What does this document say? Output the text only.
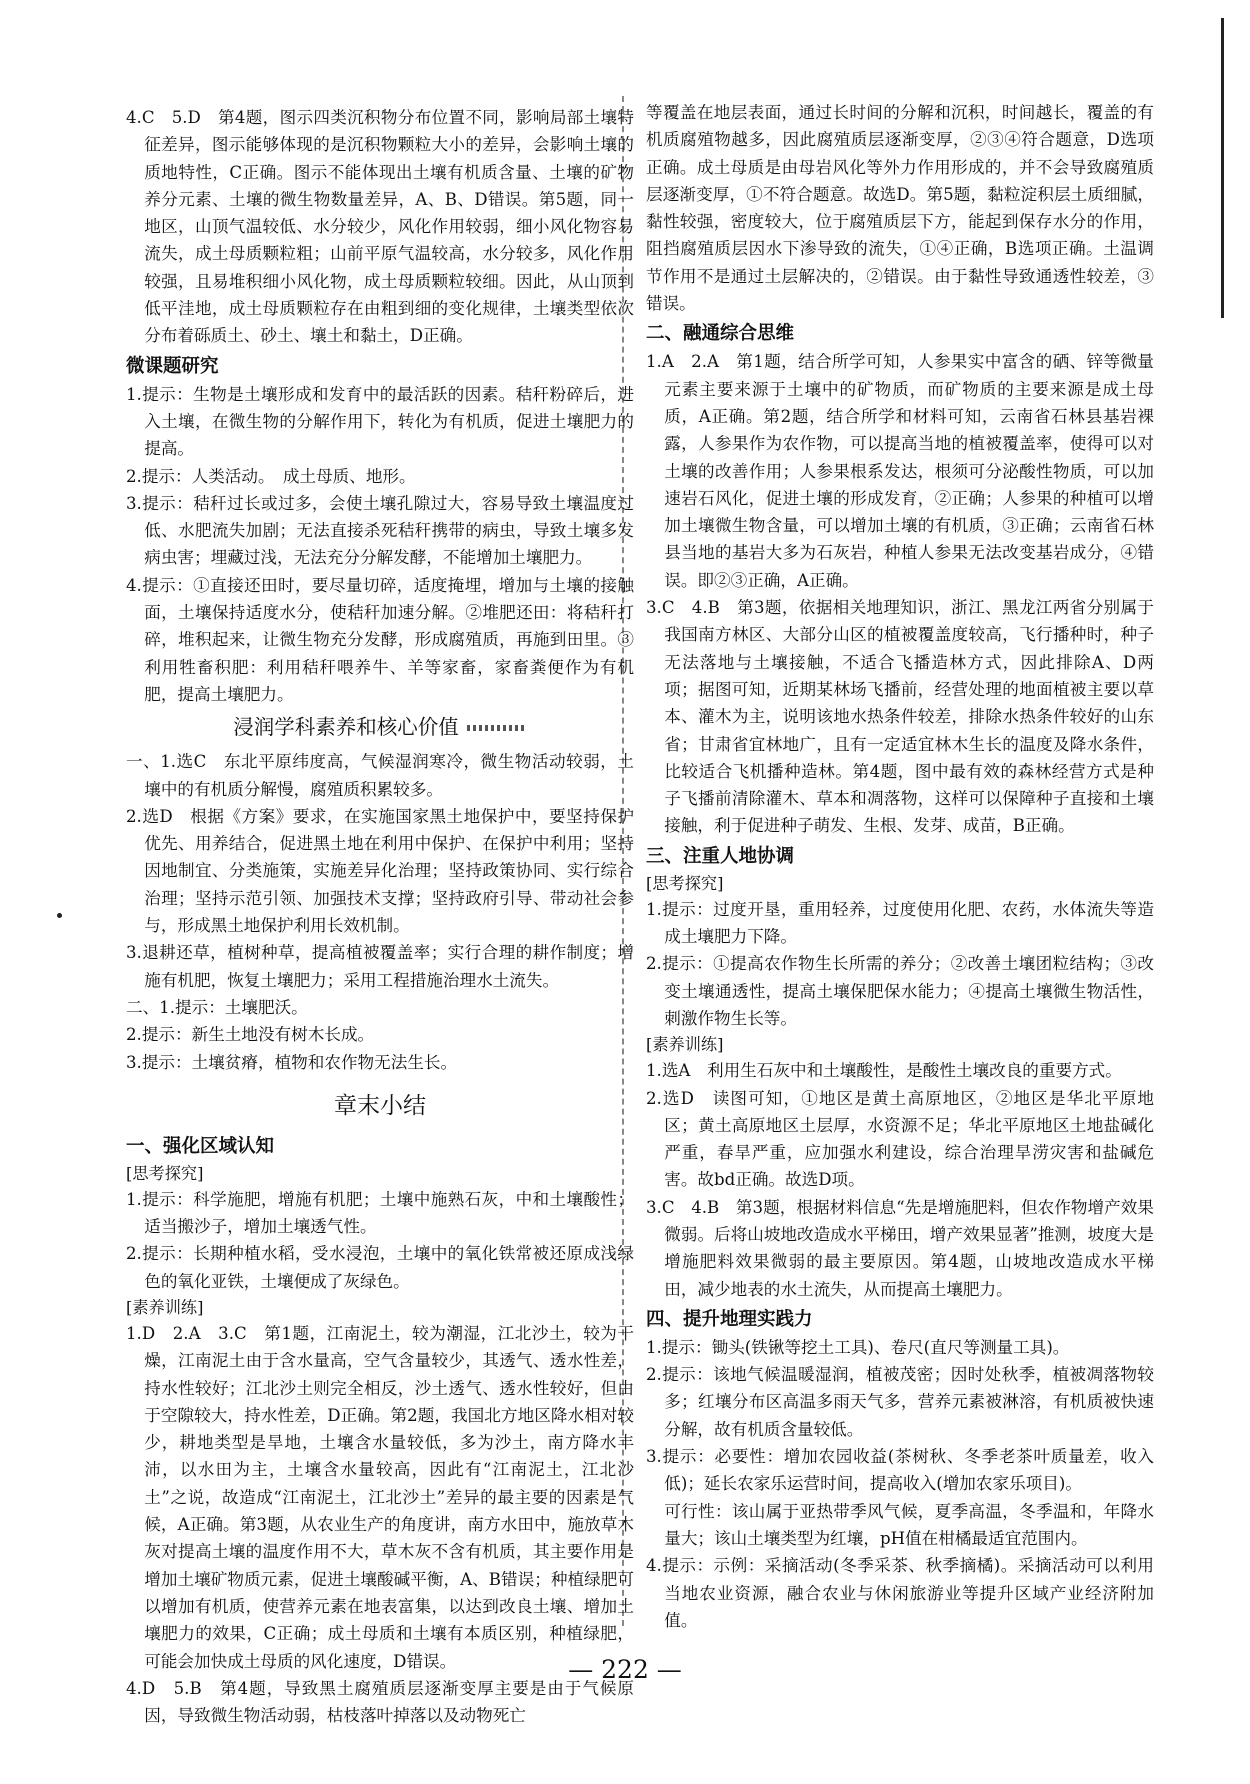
4.C　5.D　第4题，图示四类沉积物分布位置不同，影响局部土壤特征差异，图示能够体现的是沉积物颗粒大小的差异，会影响土壤的质地特性，C正确。图示不能体现出土壤有机质含量、土壤的矿物养分元素、土壤的微生物数量差异，A、B、D错误。第5题，同一地区，山顶气温较低、水分较少，风化作用较弱，细小风化物容易流失，成土母质颗粒粗；山前平原气温较高，水分较多，风化作用较强，且易堆积细小风化物，成土母质颗粒较细。因此，从山顶到低平洼地，成土母质颗粒存在由粗到细的变化规律，土壤类型依次分布着砾质土、砂土、壤土和黏土，D正确。

微课题研究

1.提示：生物是土壤形成和发育中的最活跃的因素。秸秆粉碎后，进入土壤，在微生物的分解作用下，转化为有机质，促进土壤肥力的提高。

2.提示：人类活动。　成土母质、地形。

3.提示：秸秆过长或过多，会使土壤孔隙过大，容易导致土壤温度过低、水肥流失加剧；无法直接杀死秸秆携带的病虫，导致土壤多发病虫害；埋藏过浅，无法充分分解发酵，不能增加土壤肥力。

4.提示：①直接还田时，要尽量切碎，适度掩埋，增加与土壤的接触面，土壤保持适度水分，使秸秆加速分解。②堆肥还田：将秸秆打碎，堆积起来，让微生物充分发酵，形成腐殖质，再施到田里。③利用牲畜积肥：利用秸秆喂养牛、羊等家畜，家畜粪便作为有机肥，提高土壤肥力。

浸润学科素养和核心价值

一、1.选C　东北平原纬度高，气候湿润寒冷，微生物活动较弱，土壤中的有机质分解慢，腐殖质积累较多。

2.选D　根据《方案》要求，在实施国家黑土地保护中，要坚持保护优先、用养结合，促进黑土地在利用中保护、在保护中利用；坚持因地制宜、分类施策，实施差异化治理；坚持政策协同、实行综合治理；坚持示范引领、加强技术支撑；坚持政府引导、带动社会参与，形成黑土地保护利用长效机制。

3.退耕还草，植树种草，提高植被覆盖率；实行合理的耕作制度；增施有机肥，恢复土壤肥力；采用工程措施治理水土流失。

二、1.提示：土壤肥沃。

2.提示：新生土地没有树木长成。

3.提示：土壤贫瘠，植物和农作物无法生长。

章末小结

一、强化区域认知

[思考探究]

1.提示：科学施肥，增施有机肥；土壤中施熟石灰，中和土壤酸性；适当搬沙子，增加土壤透气性。

2.提示：长期种植水稻，受水浸泡，土壤中的氧化铁常被还原成浅绿色的氧化亚铁，土壤便成了灰绿色。

[素养训练]

1.D　2.A　3.C　第1题，江南泥土，较为潮湿，江北沙土，较为干燥，江南泥土由于含水量高，空气含量较少，其透气、透水性差，持水性较好；江北沙土则完全相反，沙土透气、透水性较好，但由于空隙较大，持水性差，D正确。第2题，我国北方地区降水相对较少，耕地类型是旱地，土壤含水量较低，多为沙土，南方降水丰沛，以水田为主，土壤含水量较高，因此有“江南泥土，江北沙土”之说，故造成“江南泥土，江北沙土”差异的最主要的因素是气候，A正确。第3题，从农业生产的角度讲，南方水田中，施放草木灰对提高土壤的温度作用不大，草木灰不含有机质，其主要作用是增加土壤矿物质元素，促进土壤酸碱平衡，A、B错误；种植绿肥可以增加有机质，使营养元素在地表富集，以达到改良土壤、增加土壤肥力的效果，C正确；成土母质和土壤有本质区别，种植绿肥，可能会加快成土母质的风化速度，D错误。

4.D　5.B　第4题，导致黑土腐殖质层逐渐变厚主要是由于气候原因，导致微生物活动弱，枯枝落叶掉落以及动物死亡

等覆盖在地层表面，通过长时间的分解和沉积，时间越长，覆盖的有机质腐殖物越多，因此腐殖质层逐渐变厚，②③④符合题意，D选项正确。成土母质是由母岩风化等外力作用形成的，并不会导致腐殖质层逐渐变厚，①不符合题意。故选D。第5题，黏粒淀积层土质细腻，黏性较强，密度较大，位于腐殖质层下方，能起到保存水分的作用，阻挡腐殖质层因水下渗导致的流失，①④正确，B选项正确。土温调节作用不是通过土层解决的，②错误。由于黏性导致通透性较差，③错误。

二、融通综合思维

1.A　2.A　第1题，结合所学可知，人参果实中富含的硒、锌等微量元素主要来源于土壤中的矿物质，而矿物质的主要来源是成土母质，A正确。第2题，结合所学和材料可知，云南省石林县基岩裸露，人参果作为农作物，可以提高当地的植被覆盖率，使得可以对土壤的改善作用；人参果根系发达，根须可分泌酸性物质，可以加速岩石风化，促进土壤的形成发育，②正确；人参果的种植可以增加土壤微生物含量，可以增加土壤的有机质，③正确；云南省石林县当地的基岩大多为石灰岩，种植人参果无法改变基岩成分，④错误。即②③正确，A正确。

3.C　4.B　第3题，依据相关地理知识，浙江、黑龙江两省分别属于我国南方林区、大部分山区的植被覆盖度较高，飞行播种时，种子无法落地与土壤接触，不适合飞播造林方式，因此排除A、D两项；据图可知，近期某林场飞播前，经营处理的地面植被主要以草本、灌木为主，说明该地水热条件较差，排除水热条件较好的山东省；甘肃省宜林地广，且有一定适宜林木生长的温度及降水条件，比较适合飞机播种造林。第4题，图中最有效的森林经营方式是种子飞播前清除灌木、草本和凋落物，这样可以保障种子直接和土壤接触，利于促进种子萌发、生根、发芽、成苗，B正确。

三、注重人地协调

[思考探究]

1.提示：过度开垦，重用轻养，过度使用化肥、农药，水体流失等造成土壤肥力下降。

2.提示：①提高农作物生长所需的养分；②改善土壤团粒结构；③改变土壤通透性，提高土壤保肥保水能力；④提高土壤微生物活性，刺激作物生长等。

[素养训练]

1.选A　利用生石灰中和土壤酸性，是酸性土壤改良的重要方式。

2.选D　读图可知，①地区是黄土高原地区，②地区是华北平原地区；黄土高原地区土层厚，水资源不足；华北平原地区土地盐碱化严重，春旱严重，应加强水利建设，综合治理旱涝灾害和盐碱危害。故bd正确。故选D项。

3.C　4.B　第3题，根据材料信息“先是增施肥料，但农作物增产效果微弱。后将山坡地改造成水平梯田，增产效果显著”推测，坡度大是增施肥料效果微弱的最主要原因。第4题，山坡地改造成水平梯田，减少地表的水土流失，从而提高土壤肥力。

四、提升地理实践力

1.提示：锄头(铁锹等挖土工具)、卷尺(直尺等测量工具)。

2.提示：该地气候温暖湿润，植被茂密；因时处秋季，植被凋落物较多；红壤分布区高温多雨天气多，营养元素被淋溶，有机质被快速分解，故有机质含量较低。

3.提示：必要性：增加农园收益(茶树秋、冬季老茶叶质量差，收入低)；延长农家乐运营时间，提高收入(增加农家乐项目)。

可行性：该山属于亚热带季风气候，夏季高温，冬季温和，年降水量大；该山土壤类型为红壤，pH值在柑橘最适宜范围内。

4.提示：示例：采摘活动(冬季采茶、秋季摘橘)。采摘活动可以利用当地农业资源，融合农业与休闲旅游业等提升区域产业经济附加值。

— 222 —
